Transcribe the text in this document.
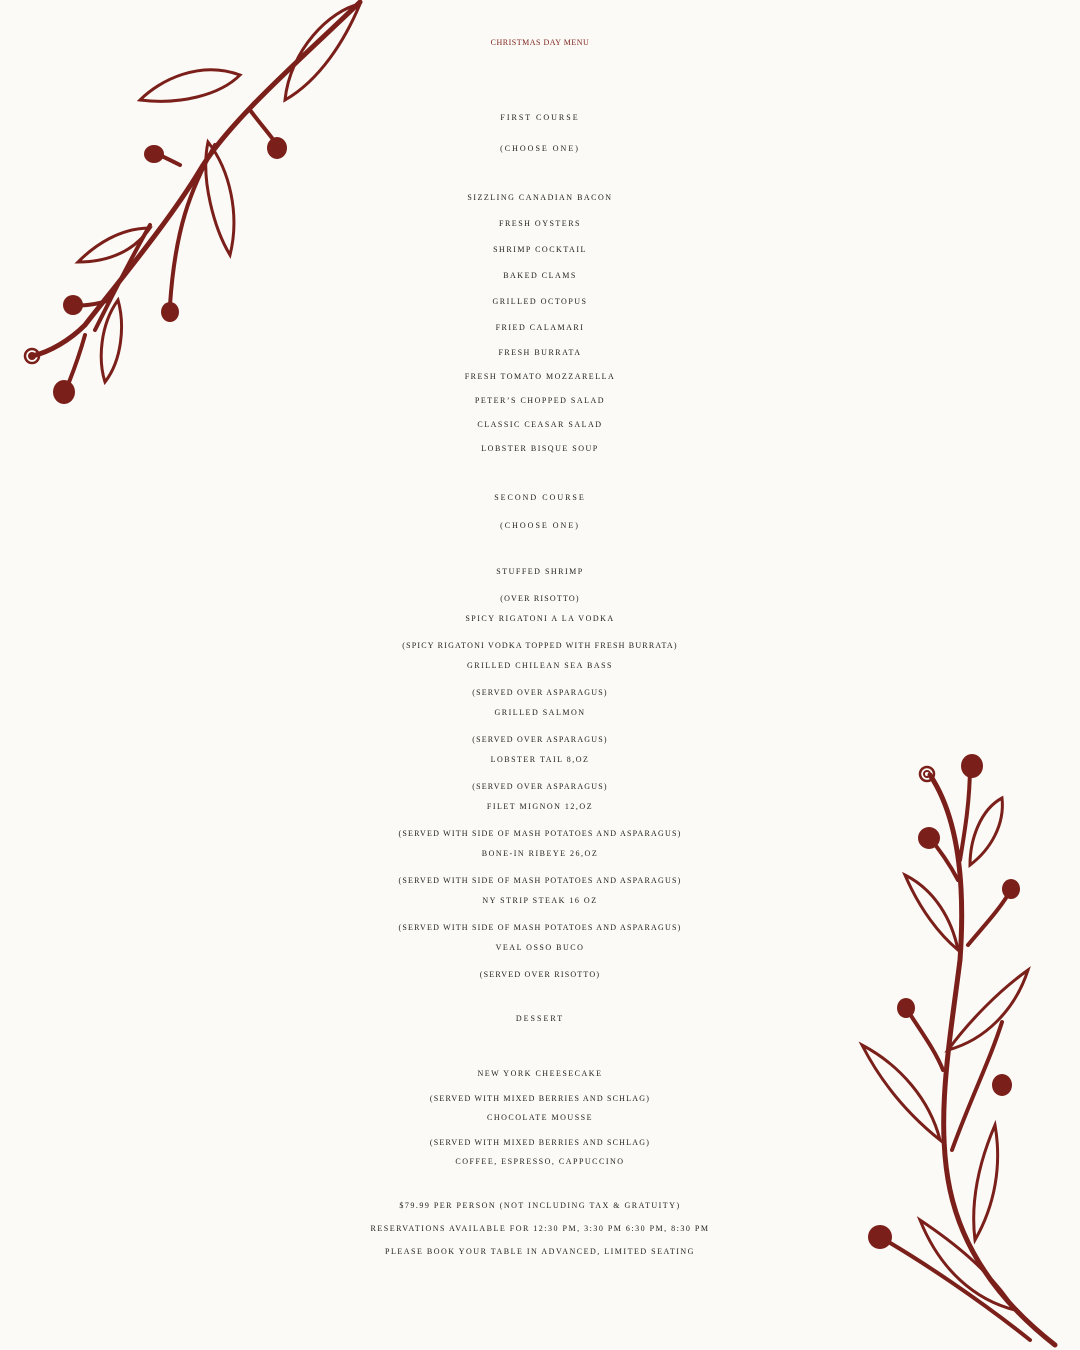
CHRISTMAS DAY MENU
FIRST COURSE
(CHOOSE ONE)
SIZZLING CANADIAN BACON
FRESH OYSTERS
SHRIMP COCKTAIL
BAKED CLAMS
GRILLED OCTOPUS
FRIED CALAMARI
FRESH BURRATA
FRESH TOMATO MOZZARELLA
PETER’S CHOPPED SALAD
CLASSIC CEASAR SALAD
LOBSTER BISQUE SOUP
SECOND COURSE
(CHOOSE ONE)
STUFFED SHRIMP
(OVER RISOTTO)
SPICY RIGATONI A LA VODKA
(SPICY RIGATONI VODKA TOPPED WITH FRESH BURRATA)
GRILLED CHILEAN SEA BASS
(SERVED OVER ASPARAGUS)
GRILLED SALMON
(SERVED OVER ASPARAGUS)
LOBSTER TAIL 8,OZ
(SERVED OVER ASPARAGUS)
FILET MIGNON 12,OZ
(SERVED WITH SIDE OF MASH POTATOES AND ASPARAGUS)
BONE-IN RIBEYE 26,OZ
(SERVED WITH SIDE OF MASH POTATOES AND ASPARAGUS)
NY STRIP STEAK 16 OZ
(SERVED WITH SIDE OF MASH POTATOES AND ASPARAGUS)
VEAL OSSO BUCO
(SERVED OVER RISOTTO)
DESSERT
NEW YORK CHEESECAKE
(SERVED WITH MIXED BERRIES AND SCHLAG)
CHOCOLATE MOUSSE
(SERVED WITH MIXED BERRIES AND SCHLAG)
COFFEE, ESPRESSO, CAPPUCCINO
$79.99 PER PERSON (NOT INCLUDING TAX & GRATUITY)
RESERVATIONS AVAILABLE FOR 12:30 PM, 3:30 PM 6:30 PM, 8:30 PM
PLEASE BOOK YOUR TABLE IN ADVANCED, LIMITED SEATING
